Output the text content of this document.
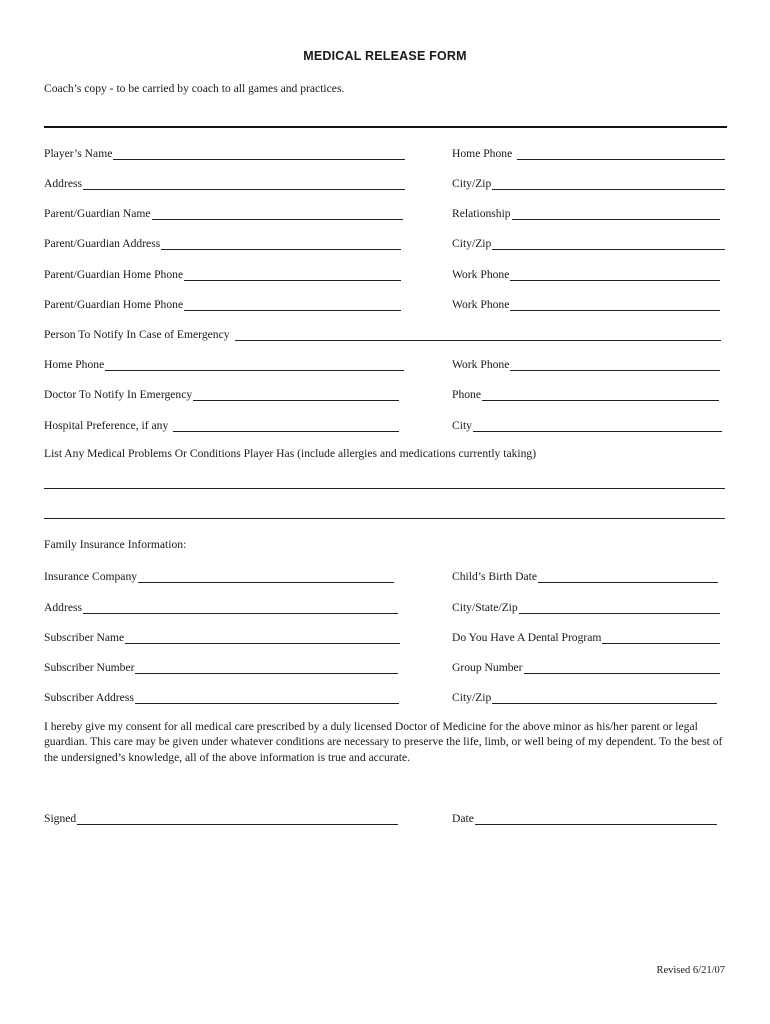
MEDICAL RELEASE FORM
Coach’s copy - to be carried by coach to all games and practices.
Player’s Name	Home Phone
Address	City/Zip
Parent/Guardian Name	Relationship
Parent/Guardian Address	City/Zip
Parent/Guardian Home Phone	Work Phone
Parent/Guardian Home Phone	Work Phone
Person To Notify In Case of Emergency
Home Phone	Work Phone
Doctor To Notify In Emergency	Phone
Hospital Preference, if any	City
List Any Medical Problems Or Conditions Player Has (include allergies and medications currently taking)
Family Insurance Information:
Insurance Company	Child’s Birth Date
Address	City/State/Zip
Subscriber Name	Do You Have A Dental Program
Subscriber Number	Group Number
Subscriber Address	City/Zip
I hereby give my consent for all medical care prescribed by a duly licensed Doctor of Medicine for the above minor as his/her parent or legal guardian. This care may be given under whatever conditions are necessary to preserve the life, limb, or well being of my dependent. To the best of the undersigned’s knowledge, all of the above information is true and accurate.
Signed	Date
Revised 6/21/07
